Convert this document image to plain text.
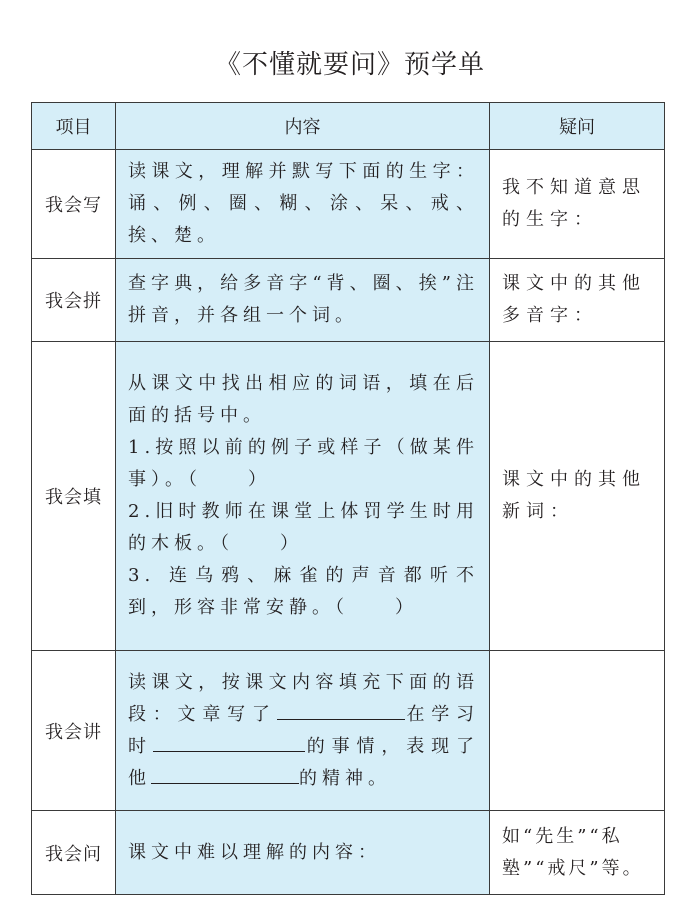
《不懂就要问》预学单
项目	内容	疑问
我会写	读课文，理解并默写下面的生字：诵、例、圈、糊、涂、呆、戒、挨、楚。	我不知道意思的生字：
我会拼	查字典，给多音字“背、圈、挨”注拼音，并各组一个词。	课文中的其他多音字：
我会填	从课文中找出相应的词语，填在后面的括号中。
1.按照以前的例子或样子（做某件事）。（　　）
2.旧时教师在课堂上体罚学生时用的木板。（　　）
3. 连乌鸦、麻雀的声音都听不到，形容非常安静。（　　）	课文中的其他新词：
我会讲	读课文，按课文内容填充下面的语段：文章写了 在学习时 的事情，表现了他 的精神。	
我会问	课文中难以理解的内容：	如“先生”“私塾”“戒尺”等。
